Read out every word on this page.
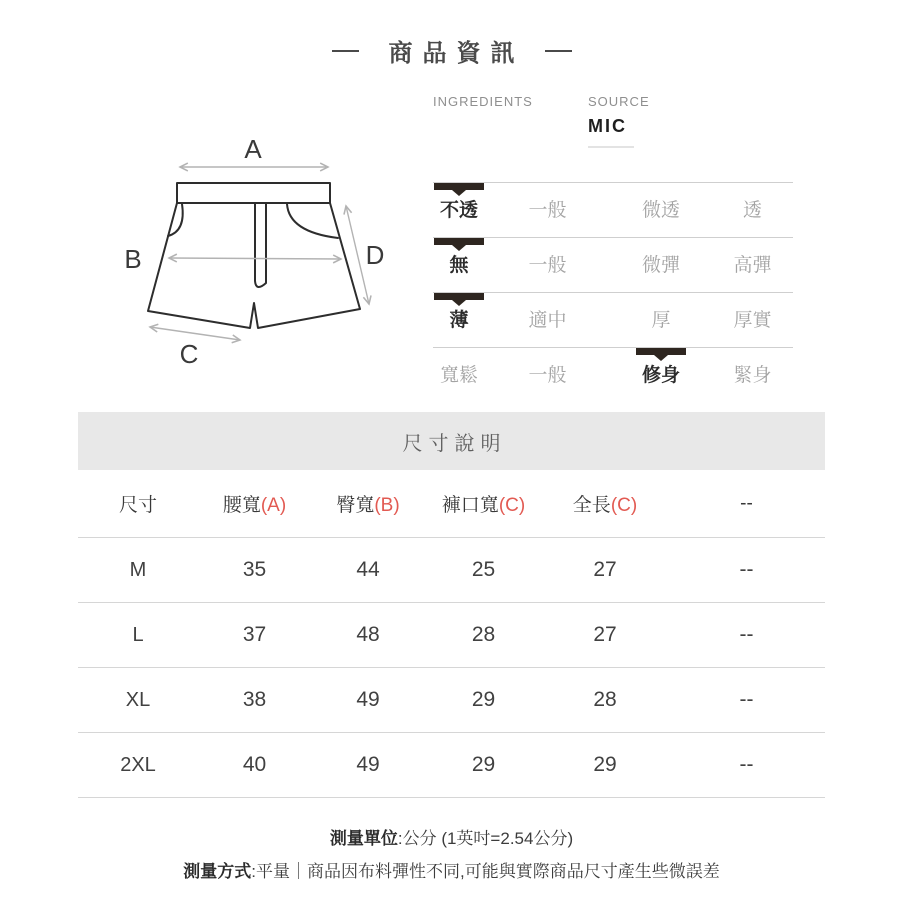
商品資訊
A
B
C
D
INGREDIENTS	SOURCE
MIC
不透	一般	微透	透
無	一般	微彈	高彈
薄	適中	厚	厚實
寬鬆	一般	修身	緊身
尺寸說明
尺寸	腰寬(A)	臀寬(B)	褲口寬(C)	全長(C)	--
M	35	44	25	27	--
L	37	48	28	27	--
XL	38	49	29	28	--
2XL	40	49	29	29	--
測量單位:公分 (1英吋=2.54公分)
測量方式:平量｜商品因布料彈性不同,可能與實際商品尺寸產生些微誤差
